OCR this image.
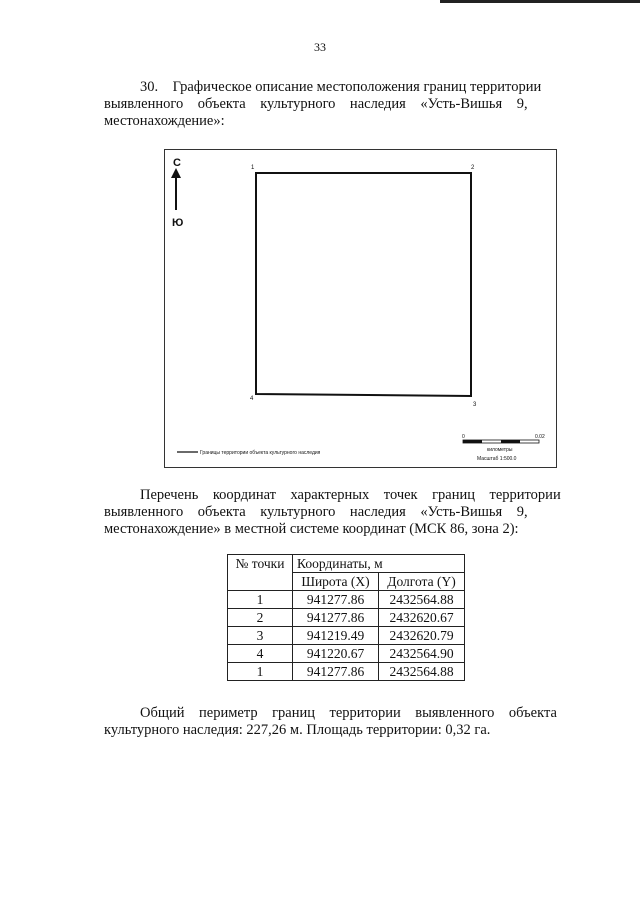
33
30.    Графическое описание местоположения границ территории
выявленного    объекта    культурного    наследия    «Усть-Вишья    9,
местонахождение»:
С
Ю
1	2
3
4
Границы территории объекта культурного наследия
0	0.02
километры
Масштаб 1:500.0
Перечень    координат    характерных    точек    границ    территории
выявленного    объекта    культурного    наследия    «Усть-Вишья    9,
местонахождение» в местной системе координат (МСК 86, зона 2):
№ точки	Координаты, м	
	Широта (X)	Долгота (Y)
1	941277.86	2432564.88
2	941277.86	2432620.67
3	941219.49	2432620.79
4	941220.67	2432564.90
1	941277.86	2432564.88
Общий    периметр    границ    территории    выявленного    объекта
культурного наследия: 227,26 м. Площадь территории: 0,32 га.
